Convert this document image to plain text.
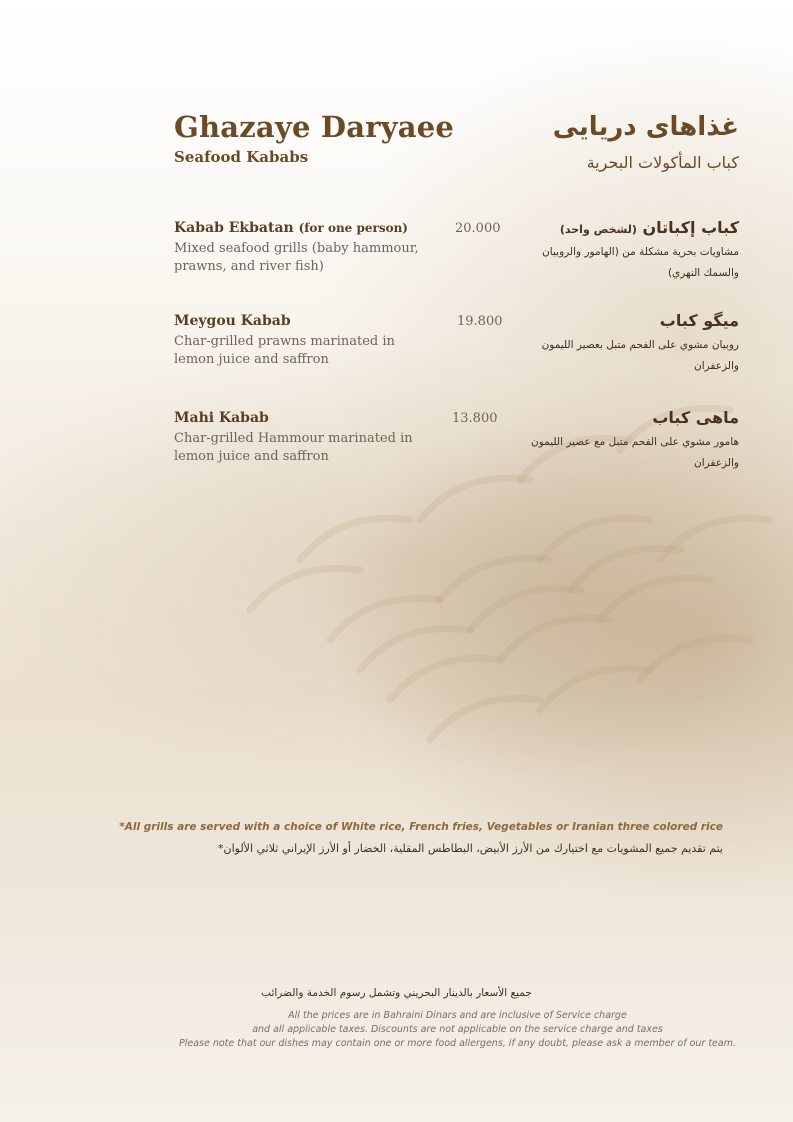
Ghazaye Daryaee
Seafood Kababs
غذاهای دریایی
كباب المأكولات البحرية
Kabab Ekbatan (for one person)
Mixed seafood grills (baby hammour, prawns, and river fish)
20.000	كباب إكباتان (لشخص واحد)
مشاويات بحرية مشكلة من (الهامور والروبيان والسمك النهري)
Meygou Kabab
Char-grilled prawns marinated in lemon juice and saffron
19.800	میگو كباب
روبيان مشوي على الفحم متبل بعصير الليمون والزعفران
Mahi Kabab
Char-grilled Hammour marinated in lemon juice and saffron
13.800	ماهی كباب
هامور مشوي على الفحم متبل مع عصير الليمون والزعفران
*All grills are served with a choice of White rice, French fries, Vegetables or Iranian three colored rice
يتم تقديم جميع المشويات مع اختيارك من الأرز الأبيض، البطاطس المقلية، الخضار أو الأرز الإيراني ثلاثي الألوان*
جميع الأسعار بالدينار البحريني وتشمل رسوم الخدمة والضرائب
All the prices are in Bahraini Dinars and are inclusive of Service charge
and all applicable taxes. Discounts are not applicable on the service charge and taxes
Please note that our dishes may contain one or more food allergens, if any doubt, please ask a member of our team.
